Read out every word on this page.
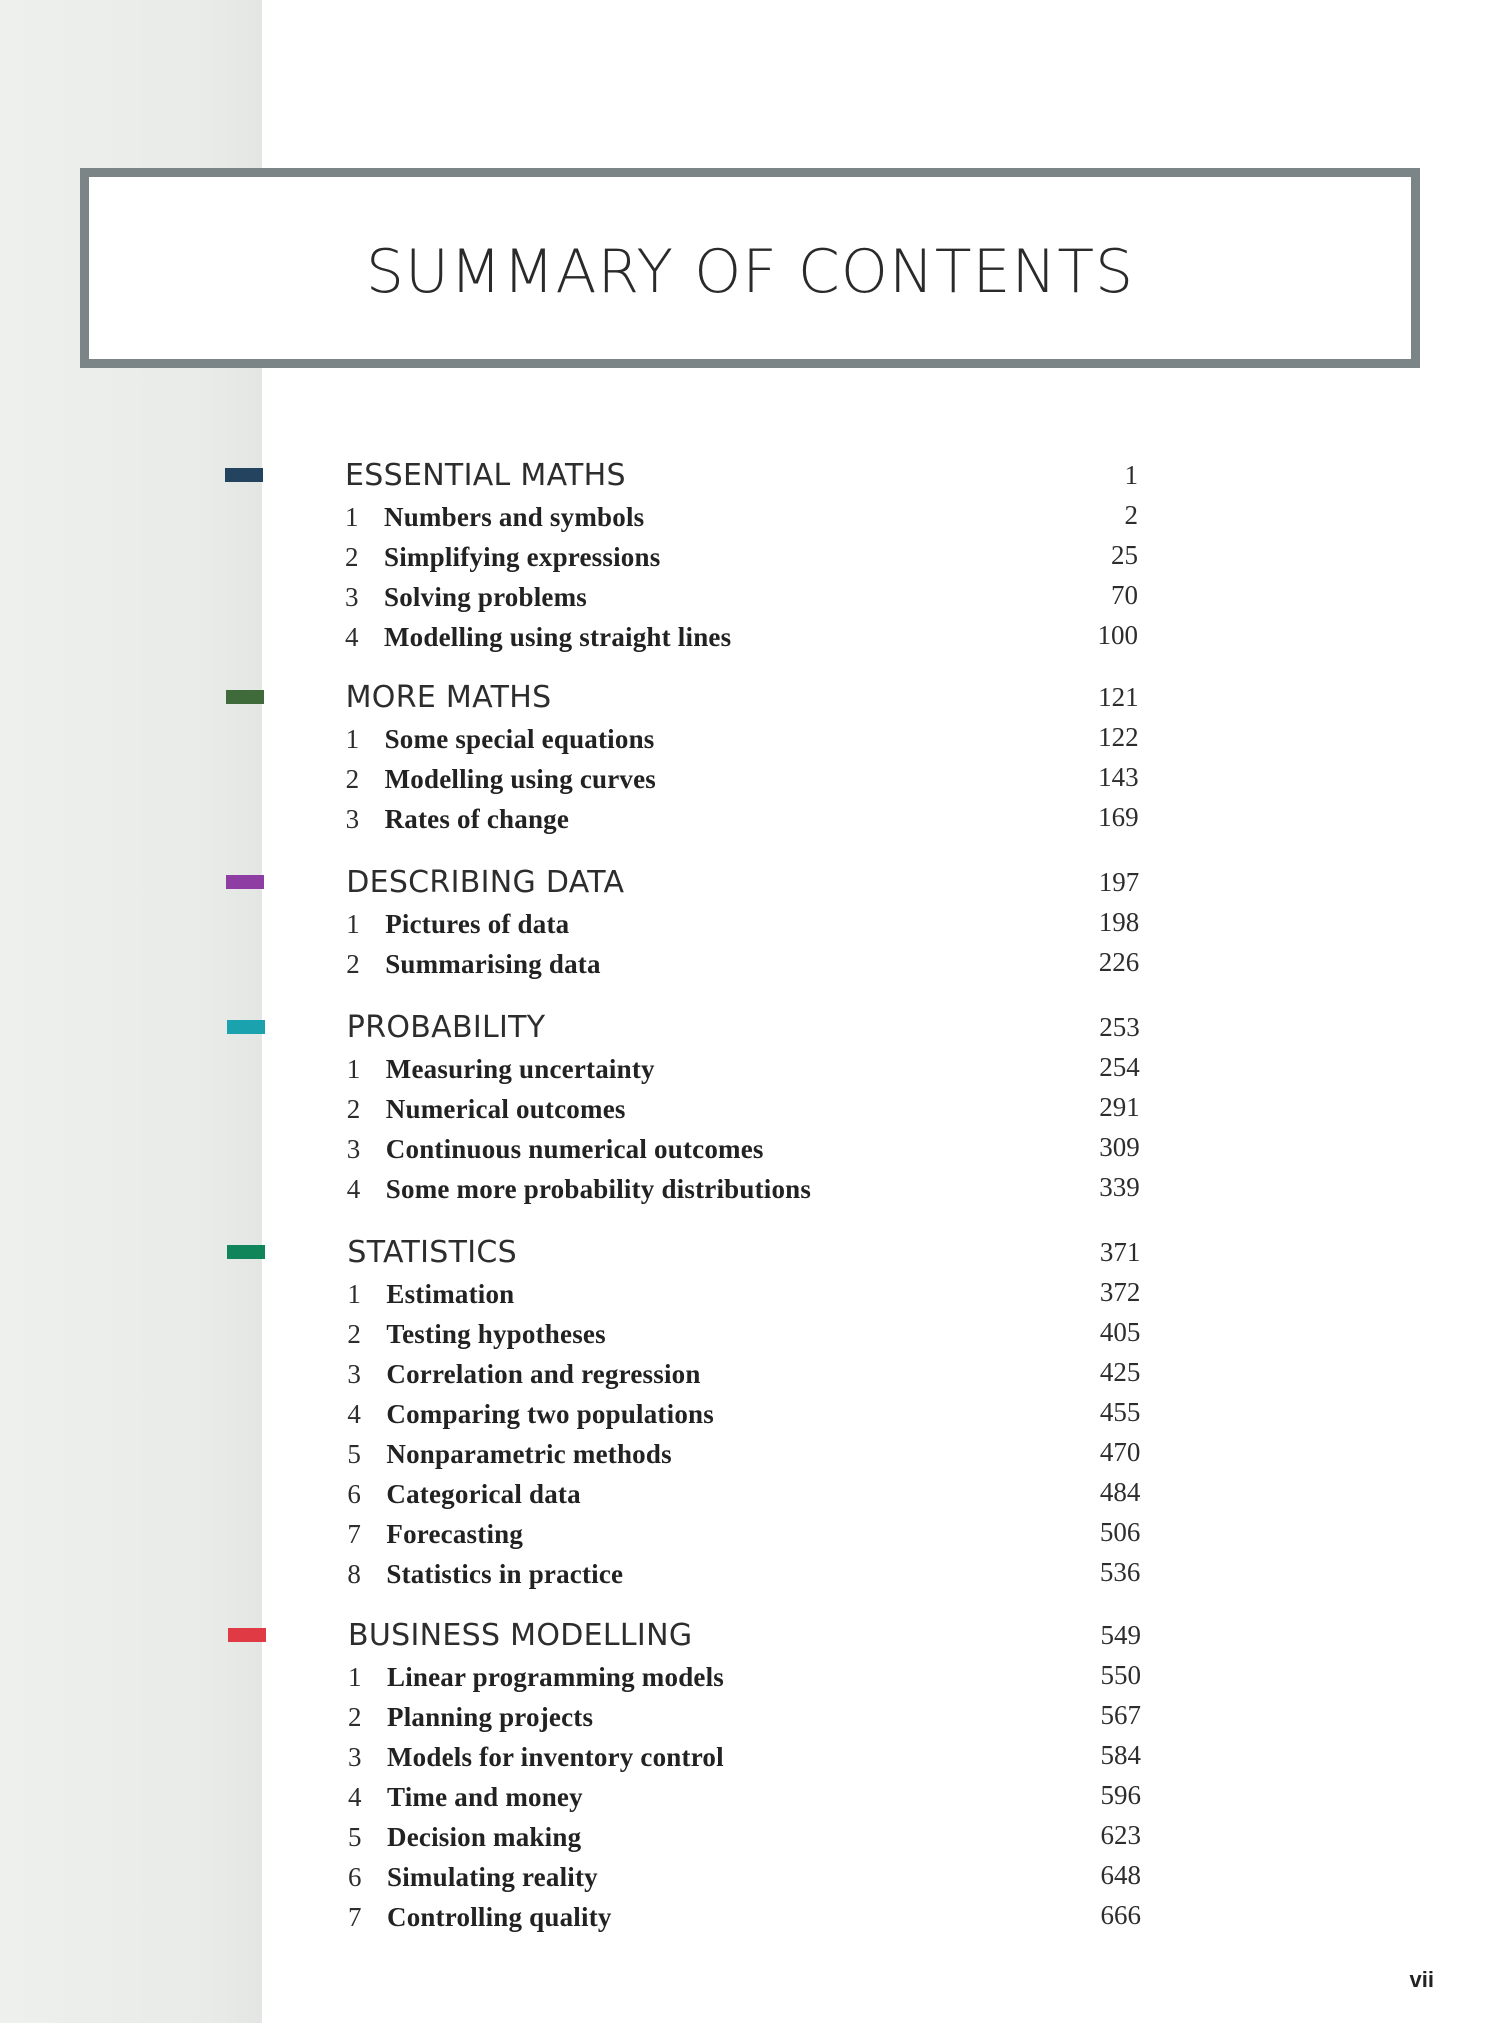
SUMMARY OF CONTENTS
ESSENTIAL MATHS	1
1 Numbers and symbols	2
2 Simplifying expressions	25
3 Solving problems	70
4 Modelling using straight lines	100
MORE MATHS	121
1 Some special equations	122
2 Modelling using curves	143
3 Rates of change	169
DESCRIBING DATA	197
1 Pictures of data	198
2 Summarising data	226
PROBABILITY	253
1 Measuring uncertainty	254
2 Numerical outcomes	291
3 Continuous numerical outcomes	309
4 Some more probability distributions	339
STATISTICS	371
1 Estimation	372
2 Testing hypotheses	405
3 Correlation and regression	425
4 Comparing two populations	455
5 Nonparametric methods	470
6 Categorical data	484
7 Forecasting	506
8 Statistics in practice	536
BUSINESS MODELLING	549
1 Linear programming models	550
2 Planning projects	567
3 Models for inventory control	584
4 Time and money	596
5 Decision making	623
6 Simulating reality	648
7 Controlling quality	666
vii
